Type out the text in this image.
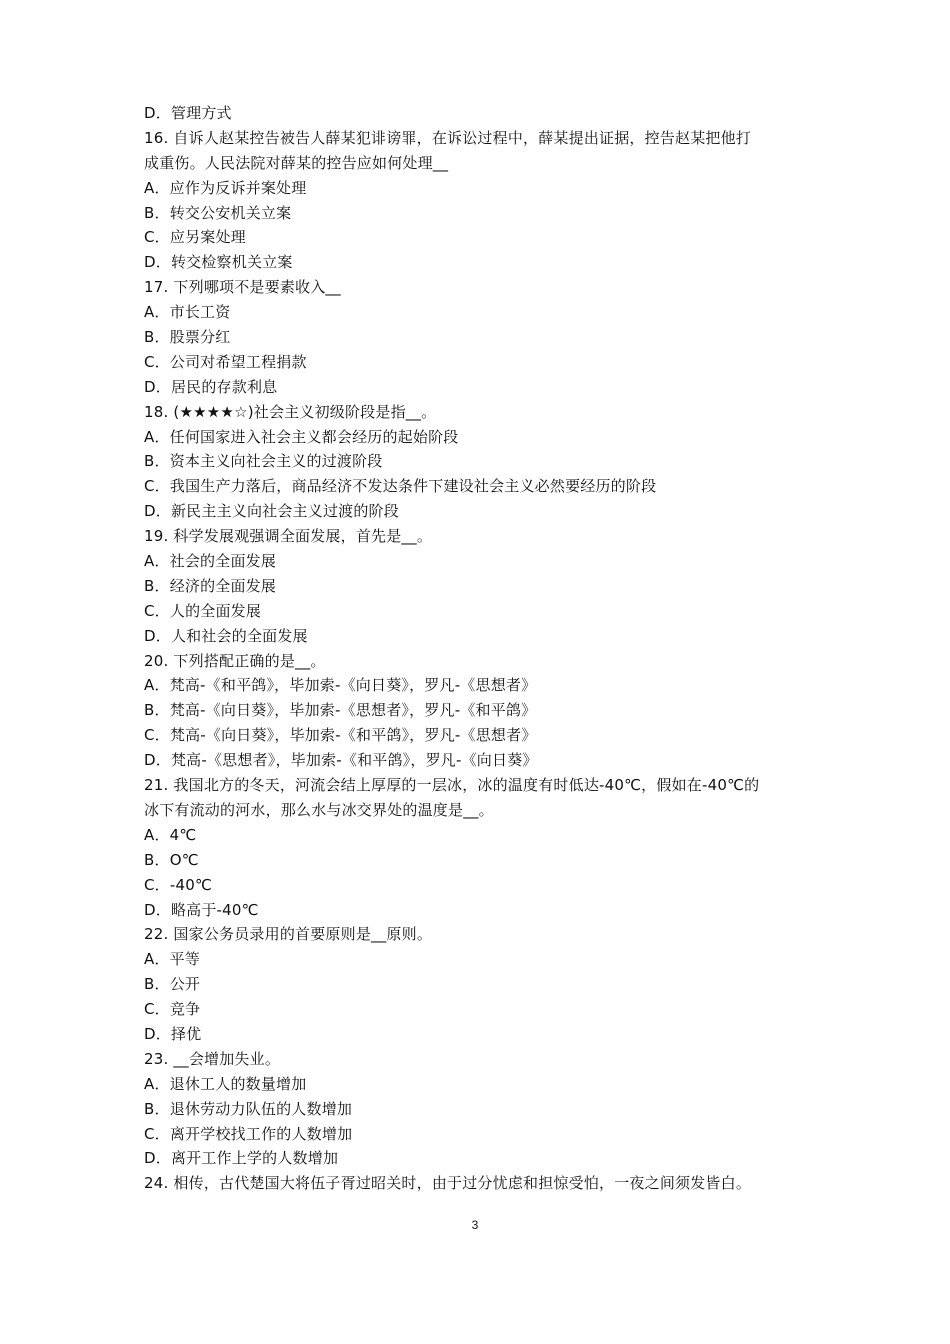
D．管理方式
16. 自诉人赵某控告被告人薛某犯诽谤罪，在诉讼过程中，薛某提出证据，控告赵某把他打
成重伤。人民法院对薛某的控告应如何处理__
A．应作为反诉并案处理
B．转交公安机关立案
C．应另案处理
D．转交检察机关立案
17. 下列哪项不是要素收入__
A．市长工资
B．股票分红
C．公司对希望工程捐款
D．居民的存款利息
18. (★★★★☆)社会主义初级阶段是指__。
A．任何国家进入社会主义都会经历的起始阶段
B．资本主义向社会主义的过渡阶段
C．我国生产力落后，商品经济不发达条件下建设社会主义必然要经历的阶段
D．新民主主义向社会主义过渡的阶段
19. 科学发展观强调全面发展，首先是__。
A．社会的全面发展
B．经济的全面发展
C．人的全面发展
D．人和社会的全面发展
20. 下列搭配正确的是__。
A．梵高-《和平鸽》，毕加索-《向日葵》，罗凡-《思想者》
B．梵高-《向日葵》，毕加索-《思想者》，罗凡-《和平鸽》
C．梵高-《向日葵》，毕加索-《和平鸽》，罗凡-《思想者》
D．梵高-《思想者》，毕加索-《和平鸽》，罗凡-《向日葵》
21. 我国北方的冬天，河流会结上厚厚的一层冰，冰的温度有时低达-40℃，假如在-40℃的
冰下有流动的河水，那么水与冰交界处的温度是__。
A．4℃
B．O℃
C．-40℃
D．略高于-40℃
22. 国家公务员录用的首要原则是__原则。
A．平等
B．公开
C．竞争
D．择优
23. __会增加失业。
A．退休工人的数量增加
B．退休劳动力队伍的人数增加
C．离开学校找工作的人数增加
D．离开工作上学的人数增加
24. 相传，古代楚国大将伍子胥过昭关时，由于过分忧虑和担惊受怕，一夜之间须发皆白。
3
